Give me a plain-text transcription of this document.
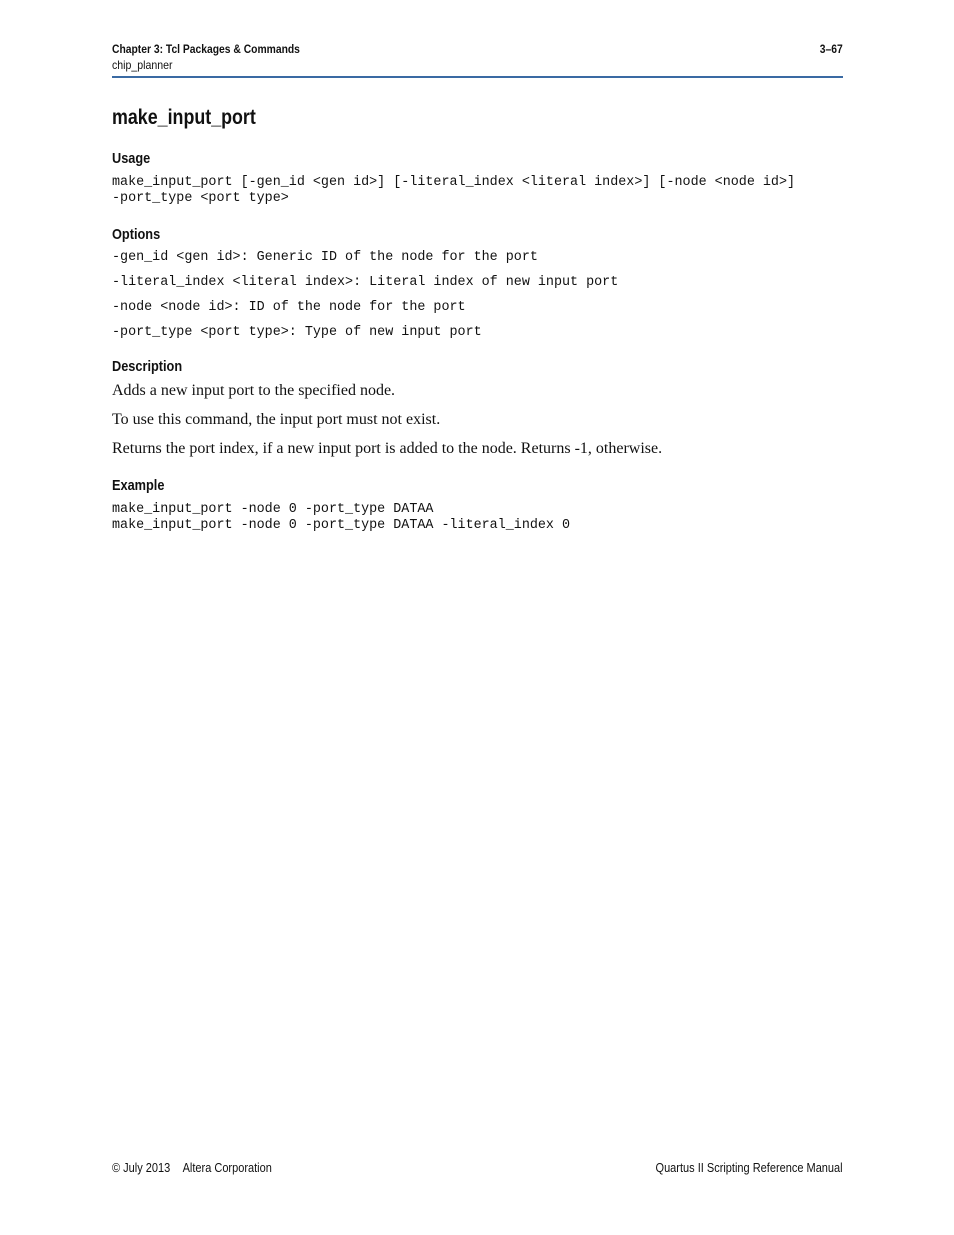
Chapter 3: Tcl Packages & Commands	3–67
chip_planner
make_input_port
Usage

make_input_port [-gen_id <gen id>] [-literal_index <literal index>] [-node <node id>]

-port_type <port type>

Options

-gen_id <gen id>: Generic ID of the node for the port

-literal_index <literal index>: Literal index of new input port

-node <node id>: ID of the node for the port

-port_type <port type>: Type of new input port

Description

Adds a new input port to the specified node.

To use this command, the input port must not exist.

Returns the port index, if a new input port is added to the node. Returns -1, otherwise.

Example

make_input_port -node 0 -port_type DATAA

make_input_port -node 0 -port_type DATAA -literal_index 0

© July 2013 Altera Corporation	Quartus II Scripting Reference Manual
